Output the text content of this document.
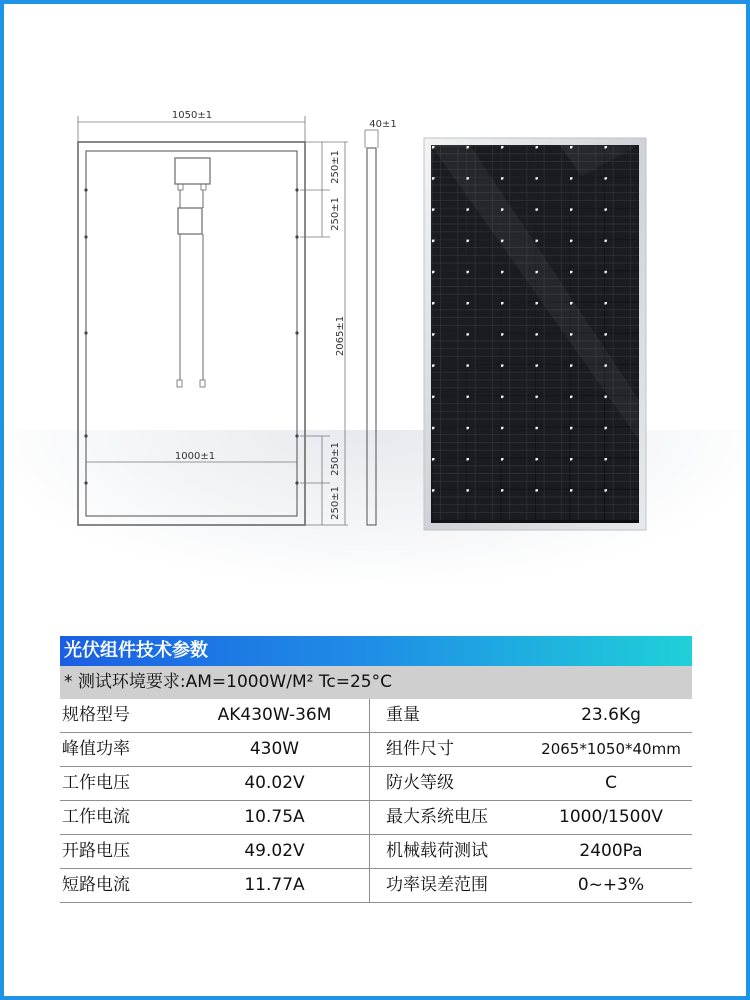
1050±1
1000±1
2065±1
250±1
250±1
250±1
250±1
40±1
光伏组件技术参数
* 测试环境要求:AM=1000W/M² Tc=25°C
规格型号	AK430W-36M	重量	23.6Kg
峰值功率	430W	组件尺寸	2065*1050*40mm
工作电压	40.02V	防火等级	C
工作电流	10.75A	最大系统电压	1000/1500V
开路电压	49.02V	机械载荷测试	2400Pa
短路电流	11.77A	功率误差范围	0~+3%
